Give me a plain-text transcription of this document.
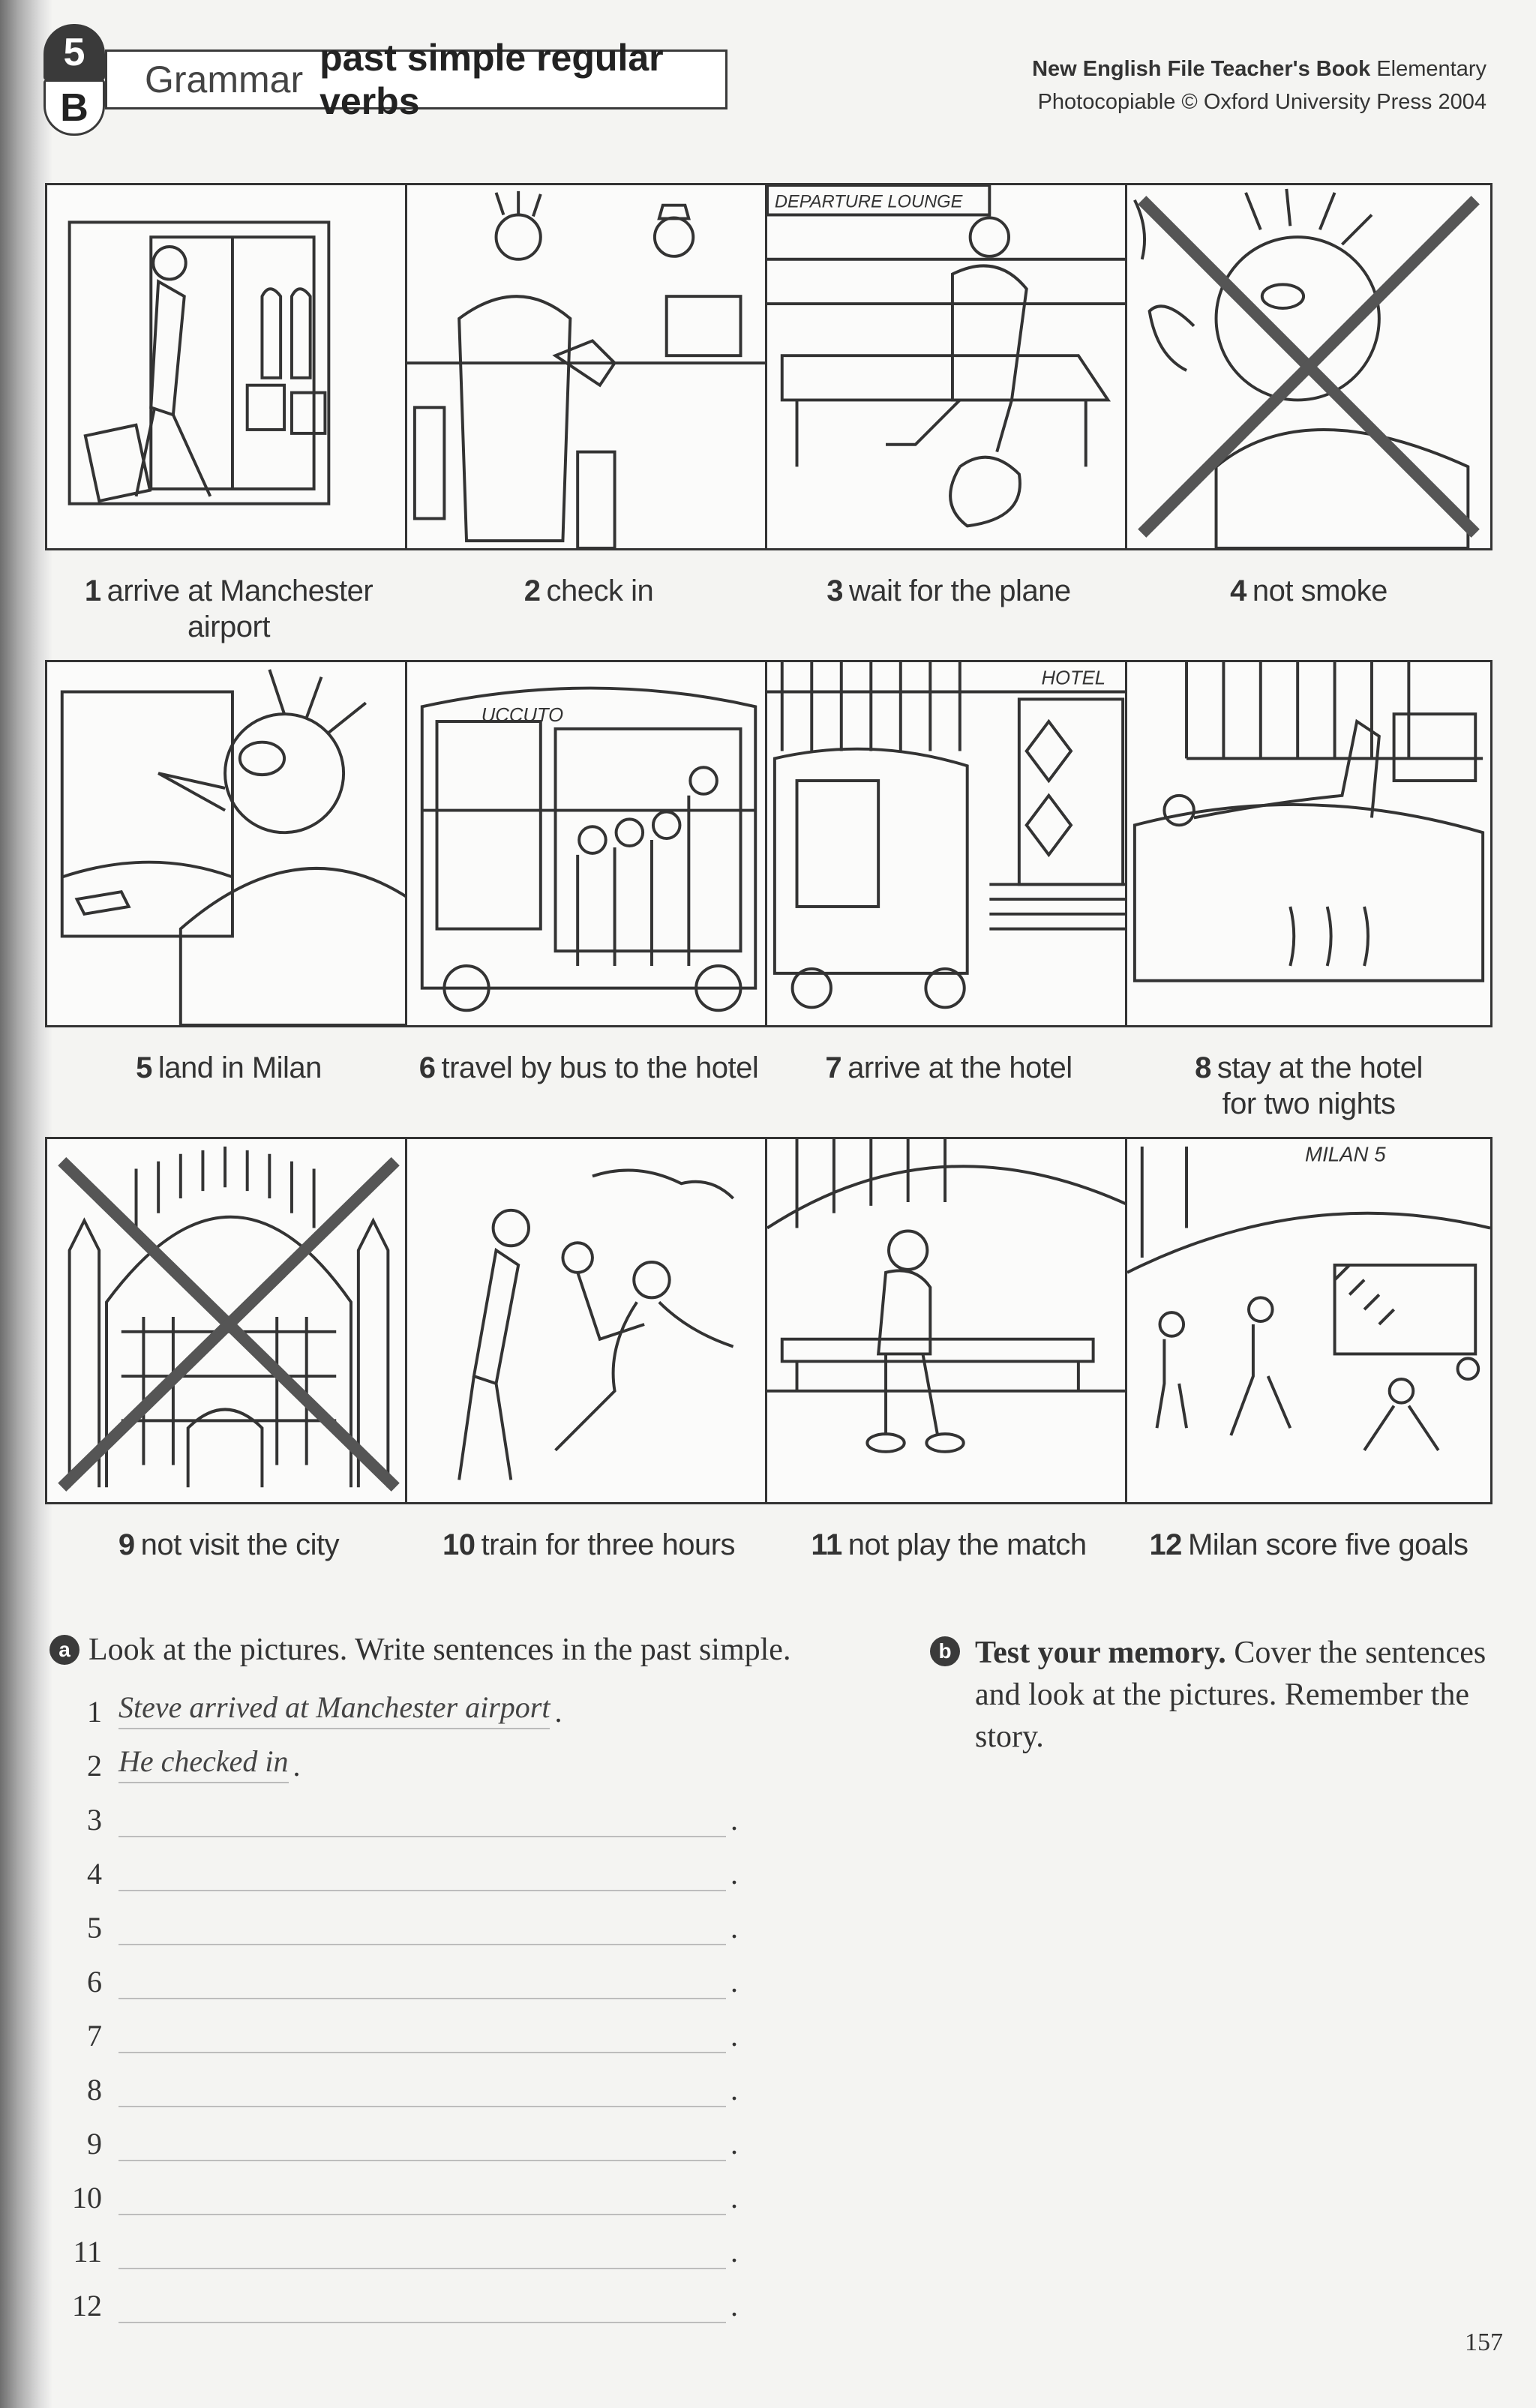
5
B
Grammar
past simple regular verbs
New English File Teacher's Book Elementary
Photocopiable © Oxford University Press 2004
1 arrive at Manchester airport
2 check in
DEPARTURE LOUNGE
3 wait for the plane	4 not smoke
5 land in Milan
UCCUTO
6 travel by bus to the hotel
HOTEL
7 arrive at the hotel	8 stay at the hotel
for two nights
9 not visit the city	10 train for three hours	11 not play the match
MILAN 5
12 Milan score five goals
a Look at the pictures. Write sentences in the past simple.
1 Steve arrived at Manchester airport .
2 He checked in .
3	.
4	.
5	.
6	.
7	.
8	.
9	.
10	.
11	.
12	.
b Test your memory. Cover the sentences and look at the pictures. Remember the story.
157
